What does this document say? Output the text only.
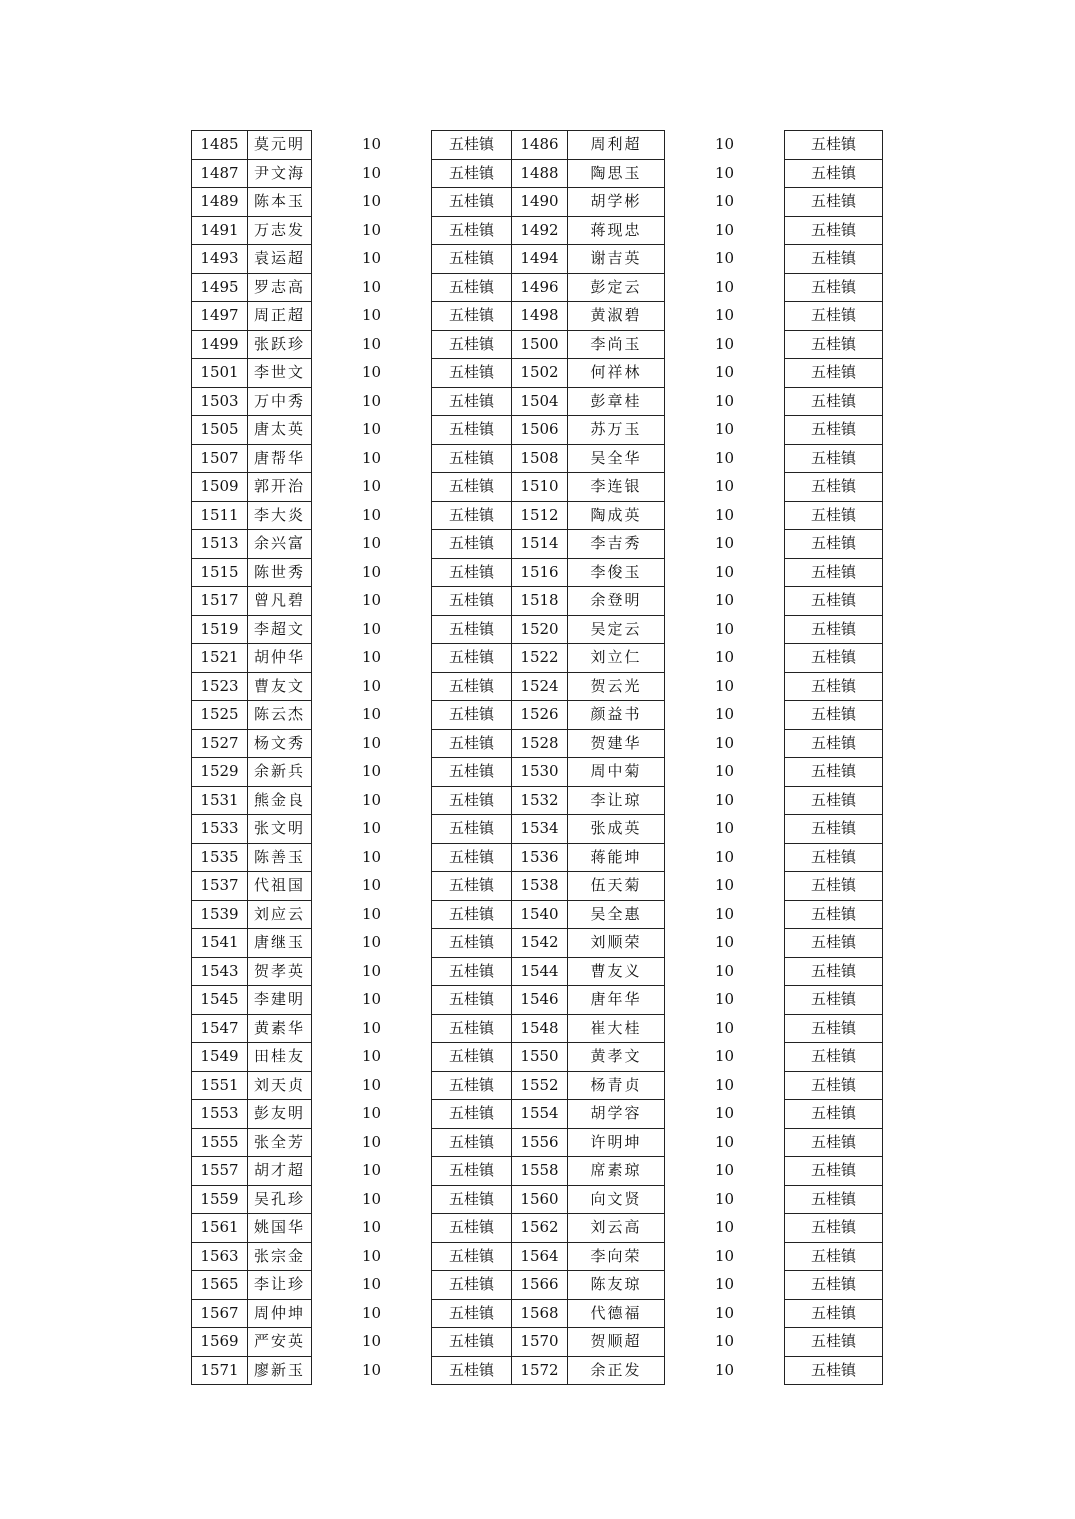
1485	莫元明	10	五桂镇	1486	周利超	10	五桂镇
1487	尹文海	10	五桂镇	1488	陶思玉	10	五桂镇
1489	陈本玉	10	五桂镇	1490	胡学彬	10	五桂镇
1491	万志发	10	五桂镇	1492	蒋现忠	10	五桂镇
1493	袁运超	10	五桂镇	1494	谢吉英	10	五桂镇
1495	罗志高	10	五桂镇	1496	彭定云	10	五桂镇
1497	周正超	10	五桂镇	1498	黄淑碧	10	五桂镇
1499	张跃珍	10	五桂镇	1500	李尚玉	10	五桂镇
1501	李世文	10	五桂镇	1502	何祥林	10	五桂镇
1503	万中秀	10	五桂镇	1504	彭章桂	10	五桂镇
1505	唐太英	10	五桂镇	1506	苏万玉	10	五桂镇
1507	唐帮华	10	五桂镇	1508	吴全华	10	五桂镇
1509	郭开治	10	五桂镇	1510	李连银	10	五桂镇
1511	李大炎	10	五桂镇	1512	陶成英	10	五桂镇
1513	余兴富	10	五桂镇	1514	李吉秀	10	五桂镇
1515	陈世秀	10	五桂镇	1516	李俊玉	10	五桂镇
1517	曾凡碧	10	五桂镇	1518	余登明	10	五桂镇
1519	李超文	10	五桂镇	1520	吴定云	10	五桂镇
1521	胡仲华	10	五桂镇	1522	刘立仁	10	五桂镇
1523	曹友文	10	五桂镇	1524	贺云光	10	五桂镇
1525	陈云杰	10	五桂镇	1526	颜益书	10	五桂镇
1527	杨文秀	10	五桂镇	1528	贺建华	10	五桂镇
1529	余新兵	10	五桂镇	1530	周中菊	10	五桂镇
1531	熊金良	10	五桂镇	1532	李让琼	10	五桂镇
1533	张文明	10	五桂镇	1534	张成英	10	五桂镇
1535	陈善玉	10	五桂镇	1536	蒋能坤	10	五桂镇
1537	代祖国	10	五桂镇	1538	伍天菊	10	五桂镇
1539	刘应云	10	五桂镇	1540	吴全惠	10	五桂镇
1541	唐继玉	10	五桂镇	1542	刘顺荣	10	五桂镇
1543	贺孝英	10	五桂镇	1544	曹友义	10	五桂镇
1545	李建明	10	五桂镇	1546	唐年华	10	五桂镇
1547	黄素华	10	五桂镇	1548	崔大桂	10	五桂镇
1549	田桂友	10	五桂镇	1550	黄孝文	10	五桂镇
1551	刘天贞	10	五桂镇	1552	杨青贞	10	五桂镇
1553	彭友明	10	五桂镇	1554	胡学容	10	五桂镇
1555	张全芳	10	五桂镇	1556	许明坤	10	五桂镇
1557	胡才超	10	五桂镇	1558	席素琼	10	五桂镇
1559	吴孔珍	10	五桂镇	1560	向文贤	10	五桂镇
1561	姚国华	10	五桂镇	1562	刘云高	10	五桂镇
1563	张宗金	10	五桂镇	1564	李向荣	10	五桂镇
1565	李让珍	10	五桂镇	1566	陈友琼	10	五桂镇
1567	周仲坤	10	五桂镇	1568	代德福	10	五桂镇
1569	严安英	10	五桂镇	1570	贺顺超	10	五桂镇
1571	廖新玉	10	五桂镇	1572	余正发	10	五桂镇
